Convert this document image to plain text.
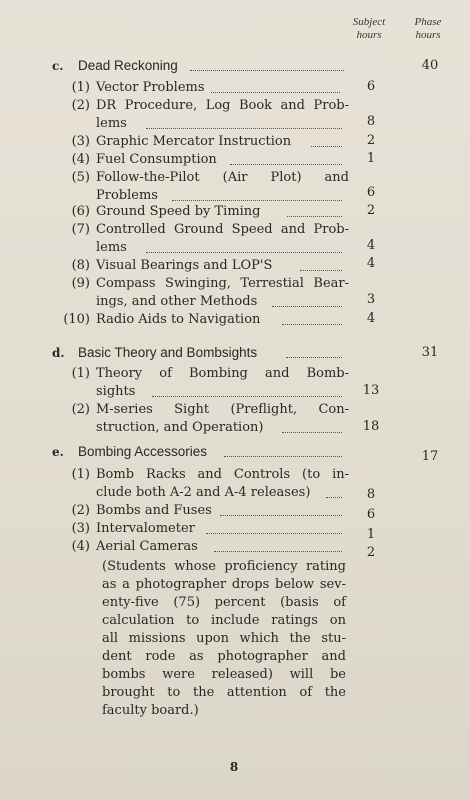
Subject
hours
Phase
hours
c. Dead Reckoning	40
(1) Vector Problems	6
(2) DR Procedure, Log Book and Prob-
lems	8
(3) Graphic Mercator Instruction	2
(4) Fuel Consumption	1
(5) Follow-the-Pilot (Air Plot) and
Problems	6
(6) Ground Speed by Timing	2
(7) Controlled Ground Speed and Prob-
lems	4
(8) Visual Bearings and LOP'S	4
(9) Compass Swinging, Terrestial Bear-
ings, and other Methods	3
(10) Radio Aids to Navigation	4
d. Basic Theory and Bombsights	31
(1) Theory of Bombing and Bomb-
sights	13
(2) M-series Sight (Preflight, Con-
struction, and Operation)	18
e. Bombing Accessories	17
(1) Bomb Racks and Controls (to in-
clude both A-2 and A-4 releases)	8
(2) Bombs and Fuses	6
(3) Intervalometer	1
(4) Aerial Cameras	2
(Students whose proficiency rating
as a photographer drops below sev-
enty-five (75) percent (basis of
calculation to include ratings on
all missions upon which the stu-
dent rode as photographer and
bombs were released) will be
brought to the attention of the
faculty board.)
8
